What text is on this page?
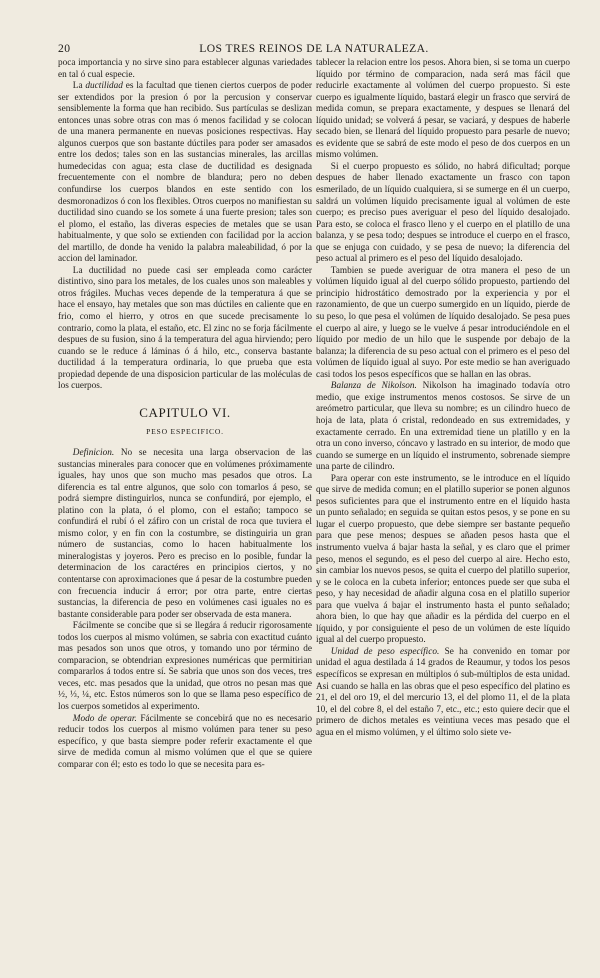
20	LOS TRES REINOS DE LA NATURALEZA.

poca importancia y no sirve sino para establecer algunas variedades en tal ó cual especie.

La ductilidad es la facultad que tienen ciertos cuerpos de poder ser extendidos por la presion ó por la percusion y conservar sensiblemente la forma que han recibido. Sus partículas se deslizan entonces unas sobre otras con mas ó menos facilidad y se colocan de una manera permanente en nuevas posiciones respectivas. Hay algunos cuerpos que son bastante dúctiles para poder ser amasados entre los dedos; tales son en las sustancias minerales, las arcillas humedecidas con agua; esta clase de ductilidad es designada frecuentemente con el nombre de blandura; pero no deben confundirse los cuerpos blandos en este sentido con los desmoronadizos ó con los flexibles. Otros cuerpos no manifiestan su ductilidad sino cuando se los somete á una fuerte presion; tales son el plomo, el estaño, las diveras especies de metales que se usan habitualmente, y que solo se extienden con facilidad por la accion del martillo, de donde ha venido la palabra maleabilidad, ó por la accion del laminador.

La ductilidad no puede casi ser empleada como carácter distintivo, sino para los metales, de los cuales unos son maleables y otros frágiles. Muchas veces depende de la temperatura á que se hace el ensayo, hay metales que son mas dúctiles en caliente que en frio, como el hierro, y otros en que sucede precisamente lo contrario, como la plata, el estaño, etc. El zinc no se forja fácilmente despues de su fusion, sino á la temperatura del agua hirviendo; pero cuando se le reduce á láminas ó á hilo, etc., conserva bastante ductilidad á la temperatura ordinaria, lo que prueba que esta propiedad depende de una disposicion particular de las moléculas de los cuerpos.

CAPITULO VI.
PESO ESPECIFICO.

Definicion. No se necesita una larga observacion de las sustancias minerales para conocer que en volúmenes próximamente iguales, hay unos que son mucho mas pesados que otros. La diferencia es tal entre algunos, que solo con tomarlos á peso, se podrá siempre distinguirlos, nunca se confundirá, por ejemplo, el platino con la plata, ó el plomo, con el estaño; tampoco se confundirá el rubí ó el záfiro con un cristal de roca que tuviera el mismo color, y en fin con la costumbre, se distinguiria un gran número de sustancias, como lo hacen habitualmente los mineralogistas y joyeros. Pero es preciso en lo posible, fundar la determinacion de los caractéres en principios ciertos, y no contentarse con aproximaciones que á pesar de la costumbre pueden con frecuencia inducir á error; por otra parte, entre ciertas sustancias, la diferencia de peso en volúmenes casi iguales no es bastante considerable para poder ser observada de esta manera.

Fácilmente se concibe que si se llegára á reducir rigorosamente todos los cuerpos al mismo volúmen, se sabria con exactitud cuánto mas pesados son unos que otros, y tomando uno por término de comparacion, se obtendrian expresiones numéricas que permitirian compararlos á todos entre sí. Se sabria que unos son dos veces, tres veces, etc. mas pesados que la unidad, que otros no pesan mas que ½, ⅓, ¼, etc. Estos números son lo que se llama peso específico de los cuerpos sometidos al experimento.

Modo de operar. Fácilmente se concebirá que no es necesario reducir todos los cuerpos al mismo volúmen para tener su peso específico, y que basta siempre poder referir exactamente el que sirve de medida comun al mismo volúmen que el que se quiere comparar con él; esto es todo lo que se necesita para es-

tablecer la relacion entre los pesos. Ahora bien, si se toma un cuerpo líquido por término de comparacion, nada será mas fácil que reducirle exactamente al volúmen del cuerpo propuesto. Si este cuerpo es igualmente líquido, bastará elegir un frasco que servirá de medida comun, se prepara exactamente, y despues se llenará del líquido unidad; se volverá á pesar, se vaciará, y despues de haberle secado bien, se llenará del líquido propuesto para pesarle de nuevo; es evidente que se sabrá de este modo el peso de dos cuerpos en un mismo volúmen.

Si el cuerpo propuesto es sólido, no habrá dificultad; porque despues de haber llenado exactamente un frasco con tapon esmerilado, de un líquido cualquiera, si se sumerge en él un cuerpo, saldrá un volúmen líquido precisamente igual al volúmen de este cuerpo; es preciso pues averiguar el peso del líquido desalojado. Para esto, se coloca el frasco lleno y el cuerpo en el platillo de una balanza, y se pesa todo; despues se introduce el cuerpo en el frasco, que se enjuga con cuidado, y se pesa de nuevo; la diferencia del peso actual al primero es el peso del líquido desalojado.

Tambien se puede averiguar de otra manera el peso de un volúmen líquido igual al del cuerpo sólido propuesto, partiendo del principio hidrostático demostrado por la experiencia y por el razonamiento, de que un cuerpo sumergido en un líquido, pierde de su peso, lo que pesa el volúmen de líquido desalojado. Se pesa pues el cuerpo al aire, y luego se le vuelve á pesar introduciéndole en el líquido por medio de un hilo que le suspende por debajo de la balanza; la diferencia de su peso actual con el primero es el peso del volúmen de líquido igual al suyo. Por este medio se han averiguado casi todos los pesos específicos que se hallan en las obras.

Balanza de Nikolson. Nikolson ha imaginado todavía otro medio, que exige instrumentos menos costosos. Se sirve de un areómetro particular, que lleva su nombre; es un cilindro hueco de hoja de lata, plata ó cristal, redondeado en sus extremidades, y exactamente cerrado. En una extremidad tiene un platillo y en la otra un cono inverso, cóncavo y lastrado en su interior, de modo que cuando se sumerge en un líquido el instrumento, sobrenade siempre una parte de cilindro.

Para operar con este instrumento, se le introduce en el líquido que sirve de medida comun; en el platillo superior se ponen algunos pesos suficientes para que el instrumento entre en el líquido hasta un punto señalado; en seguida se quitan estos pesos, y se pone en su lugar el cuerpo propuesto, que debe siempre ser bastante pequeño para que pese menos; despues se añaden pesos hasta que el instrumento vuelva á bajar hasta la señal, y es claro que el primer peso, menos el segundo, es el peso del cuerpo al aire. Hecho esto, sin cambiar los nuevos pesos, se quita el cuerpo del platillo superior, y se le coloca en la cubeta inferior; entonces puede ser que suba el peso, y hay necesidad de añadir alguna cosa en el platillo superior para que vuelva á bajar el instrumento hasta el punto señalado; ahora bien, lo que hay que añadir es la pérdida del cuerpo en el líquido, y por consiguiente el peso de un volúmen de este líquido igual al del cuerpo propuesto.

Unidad de peso específico. Se ha convenido en tomar por unidad el agua destilada á 14 grados de Reaumur, y todos los pesos específicos se expresan en múltiplos ó sub-múltiplos de esta unidad. Asi cuando se halla en las obras que el peso específico del platino es 21, el del oro 19, el del mercurio 13, el del plomo 11, el de la plata 10, el del cobre 8, el del estaño 7, etc., etc.; esto quiere decir que el primero de dichos metales es veintiuna veces mas pesado que el agua en el mismo volúmen, y el último solo siete ve-
